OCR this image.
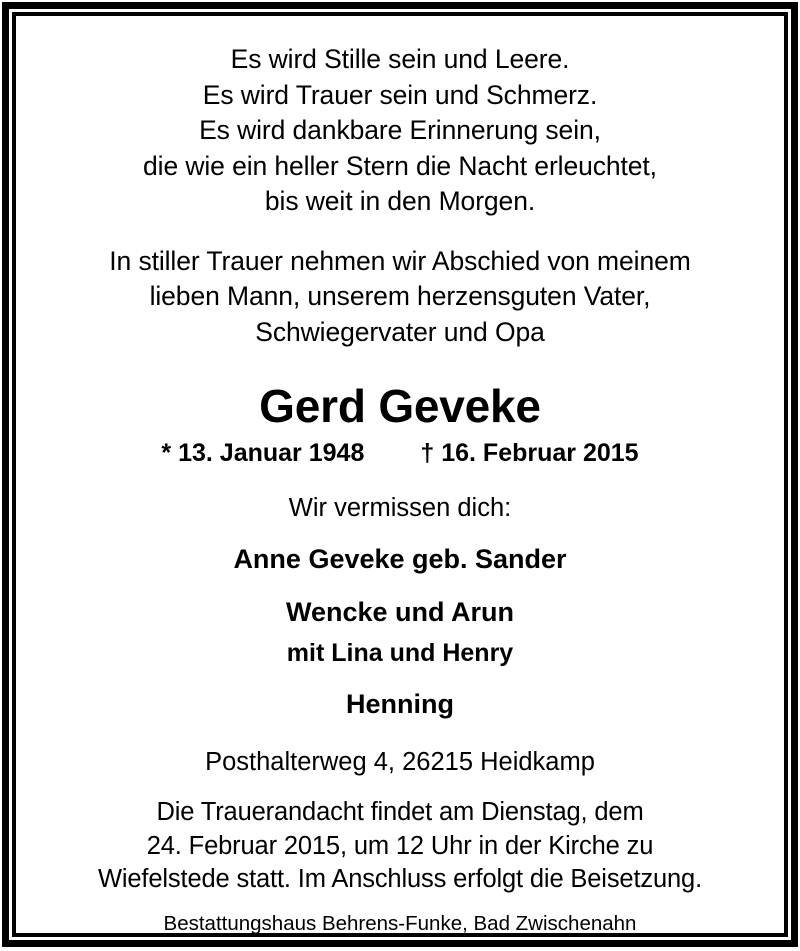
Es wird Stille sein und Leere.
Es wird Trauer sein und Schmerz.
Es wird dankbare Erinnerung sein,
die wie ein heller Stern die Nacht erleuchtet,
bis weit in den Morgen.
In stiller Trauer nehmen wir Abschied von meinem
lieben Mann, unserem herzensguten Vater,
Schwiegervater und Opa
Gerd Geveke
* 13. Januar 1948 † 16. Februar 2015
Wir vermissen dich:
Anne Geveke geb. Sander
Wencke und Arun
mit Lina und Henry
Henning
Posthalterweg 4, 26215 Heidkamp
Die Trauerandacht findet am Dienstag, dem
24. Februar 2015, um 12 Uhr in der Kirche zu
Wiefelstede statt. Im Anschluss erfolgt die Beisetzung.
Bestattungshaus Behrens-Funke, Bad Zwischenahn
